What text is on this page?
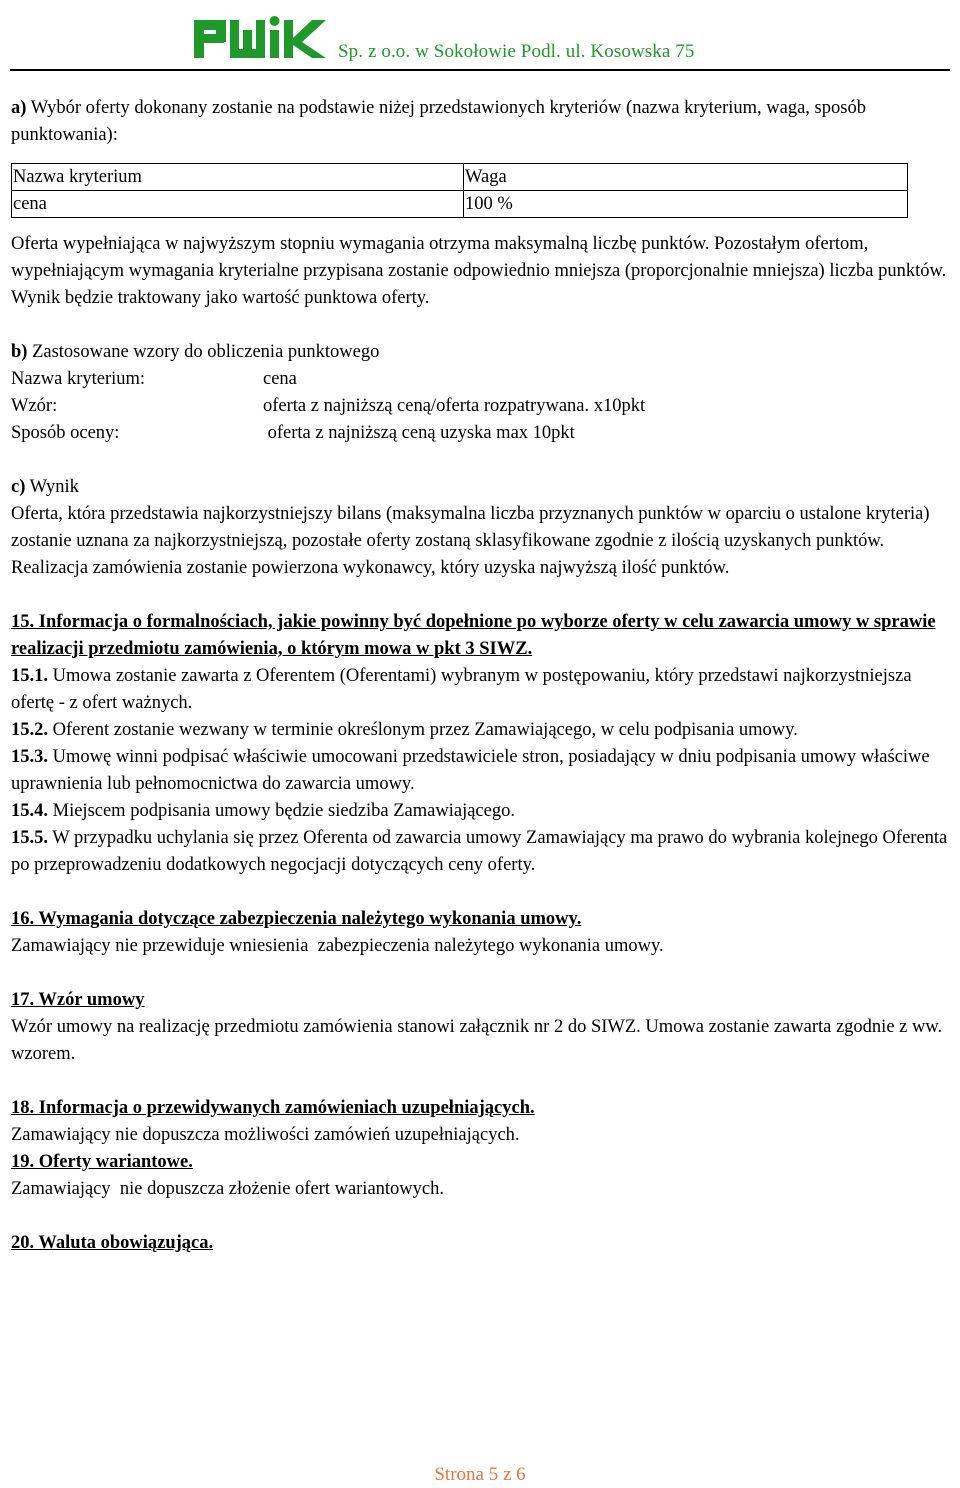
Sp. z o.o. w Sokołowie Podl. ul. Kosowska 75

a) Wybór oferty dokonany zostanie na podstawie niżej przedstawionych kryteriów (nazwa kryterium, waga, sposób punktowania):

Nazwa kryterium	Waga
cena	100 %

Oferta wypełniająca w najwyższym stopniu wymagania otrzyma maksymalną liczbę punktów. Pozostałym ofertom, wypełniającym wymagania kryterialne przypisana zostanie odpowiednio mniejsza (proporcjonalnie mniejsza) liczba punktów. Wynik będzie traktowany jako wartość punktowa oferty.

b) Zastosowane wzory do obliczenia punktowego

Nazwa kryterium:	cena
Wzór:	oferta z najniższą ceną/oferta rozpatrywana. x10pkt
Sposób oceny:	oferta z najniższą ceną uzyska max 10pkt

c) Wynik

Oferta, która przedstawia najkorzystniejszy bilans (maksymalna liczba przyznanych punktów w oparciu o ustalone kryteria) zostanie uznana za najkorzystniejszą, pozostałe oferty zostaną sklasyfikowane zgodnie z ilością uzyskanych punktów. Realizacja zamówienia zostanie powierzona wykonawcy, który uzyska najwyższą ilość punktów.

15. Informacja o formalnościach, jakie powinny być dopełnione po wyborze oferty w celu zawarcia umowy w sprawie realizacji przedmiotu zamówienia, o którym mowa w pkt 3 SIWZ.

15.1. Umowa zostanie zawarta z Oferentem (Oferentami) wybranym w postępowaniu, który przedstawi najkorzystniejsza ofertę - z ofert ważnych.

15.2. Oferent zostanie wezwany w terminie określonym przez Zamawiającego, w celu podpisania umowy.

15.3. Umowę winni podpisać właściwie umocowani przedstawiciele stron, posiadający w dniu podpisania umowy właściwe uprawnienia lub pełnomocnictwa do zawarcia umowy.

15.4. Miejscem podpisania umowy będzie siedziba Zamawiającego.

15.5. W przypadku uchylania się przez Oferenta od zawarcia umowy Zamawiający ma prawo do wybrania kolejnego Oferenta po przeprowadzeniu dodatkowych negocjacji dotyczących ceny oferty.

16. Wymagania dotyczące zabezpieczenia należytego wykonania umowy.

Zamawiający nie przewiduje wniesienia  zabezpieczenia należytego wykonania umowy.

17. Wzór umowy

Wzór umowy na realizację przedmiotu zamówienia stanowi załącznik nr 2 do SIWZ. Umowa zostanie zawarta zgodnie z ww. wzorem.

18. Informacja o przewidywanych zamówieniach uzupełniających.

Zamawiający nie dopuszcza możliwości zamówień uzupełniających.

19. Oferty wariantowe.

Zamawiający  nie dopuszcza złożenie ofert wariantowych.

20. Waluta obowiązująca.

Strona 5 z 6
